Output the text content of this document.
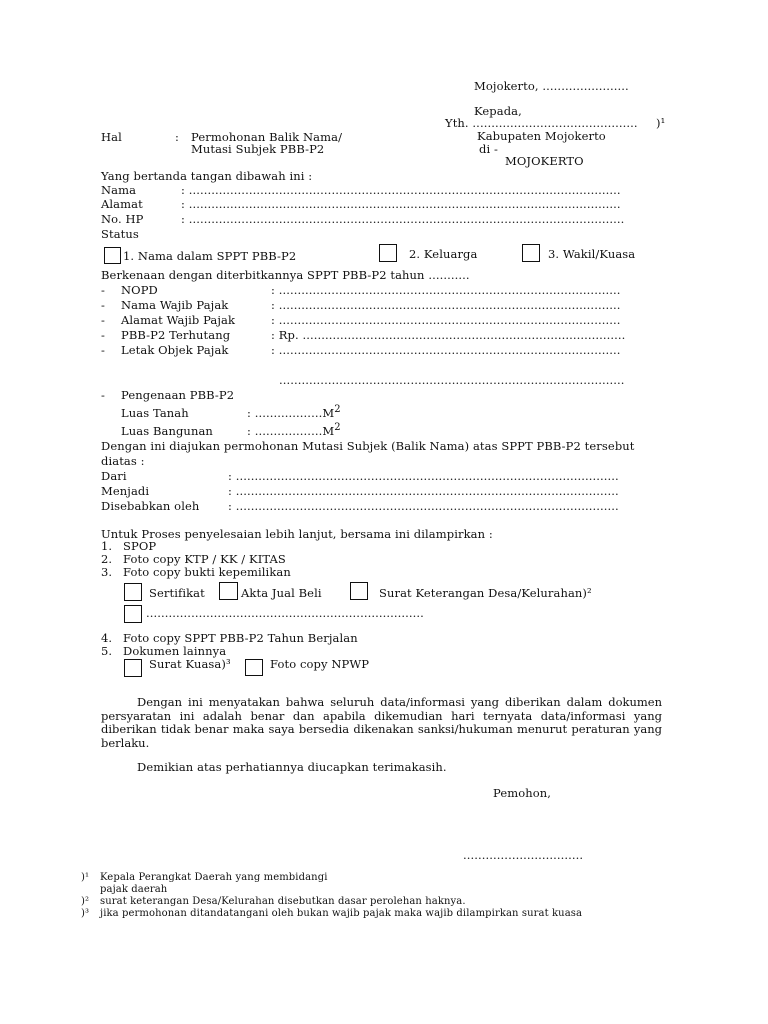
Mojokerto, .......................
Kepada,
Yth. ............................................ )¹
Kabupaten Mojokerto
di -
MOJOKERTO
Hal	: Permohonan Balik Nama/
Mutasi Subjek PBB-P2
Yang bertanda tangan dibawah ini :
Nama	: ...................................................................................................................
Alamat	: ...................................................................................................................
No. HP	: ....................................................................................................................
Status
1. Nama dalam SPPT PBB-P2	2. Keluarga	3. Wakil/Kuasa
Berkenaan dengan diterbitkannya SPPT PBB-P2 tahun ...........
- NOPD	: ...........................................................................................
- Nama Wajib Pajak	: ...........................................................................................
- Alamat Wajib Pajak	: ...........................................................................................
- PBB-P2 Terhutang	: Rp. ......................................................................................
- Letak Objek Pajak	: ...........................................................................................
............................................................................................
- Pengenaan PBB-P2
Luas Tanah	: ..................M2
Luas Bangunan	: ..................M2
Dengan ini diajukan permohonan Mutasi Subjek (Balik Nama) atas SPPT PBB-P2 tersebut
diatas :
Dari	: ......................................................................................................
Menjadi	: ......................................................................................................
Disebabkan oleh : ......................................................................................................
Untuk Proses penyelesaian lebih lanjut, bersama ini dilampirkan :
1. SPOP
2. Foto copy KTP / KK / KITAS
3. Foto copy bukti kepemilikan
Sertifikat	Akta Jual Beli	Surat Keterangan Desa/Kelurahan)²
..........................................................................
4. Foto copy SPPT PBB-P2 Tahun Berjalan
5. Dokumen lainnya
Surat Kuasa)³	Foto copy NPWP
Dengan ini menyatakan bahwa seluruh data/informasi yang diberikan dalam dokumen persyaratan ini adalah benar dan apabila dikemudian hari ternyata data/informasi yang diberikan tidak benar maka saya bersedia dikenakan sanksi/hukuman menurut peraturan yang berlaku.
Demikian atas perhatiannya diucapkan terimakasih.
Pemohon,
................................
)¹ Kepala Perangkat Daerah yang membidangi
pajak daerah
)² surat keterangan Desa/Kelurahan disebutkan dasar perolehan haknya.
)³ jika permohonan ditandatangani oleh bukan wajib pajak maka wajib dilampirkan surat kuasa
